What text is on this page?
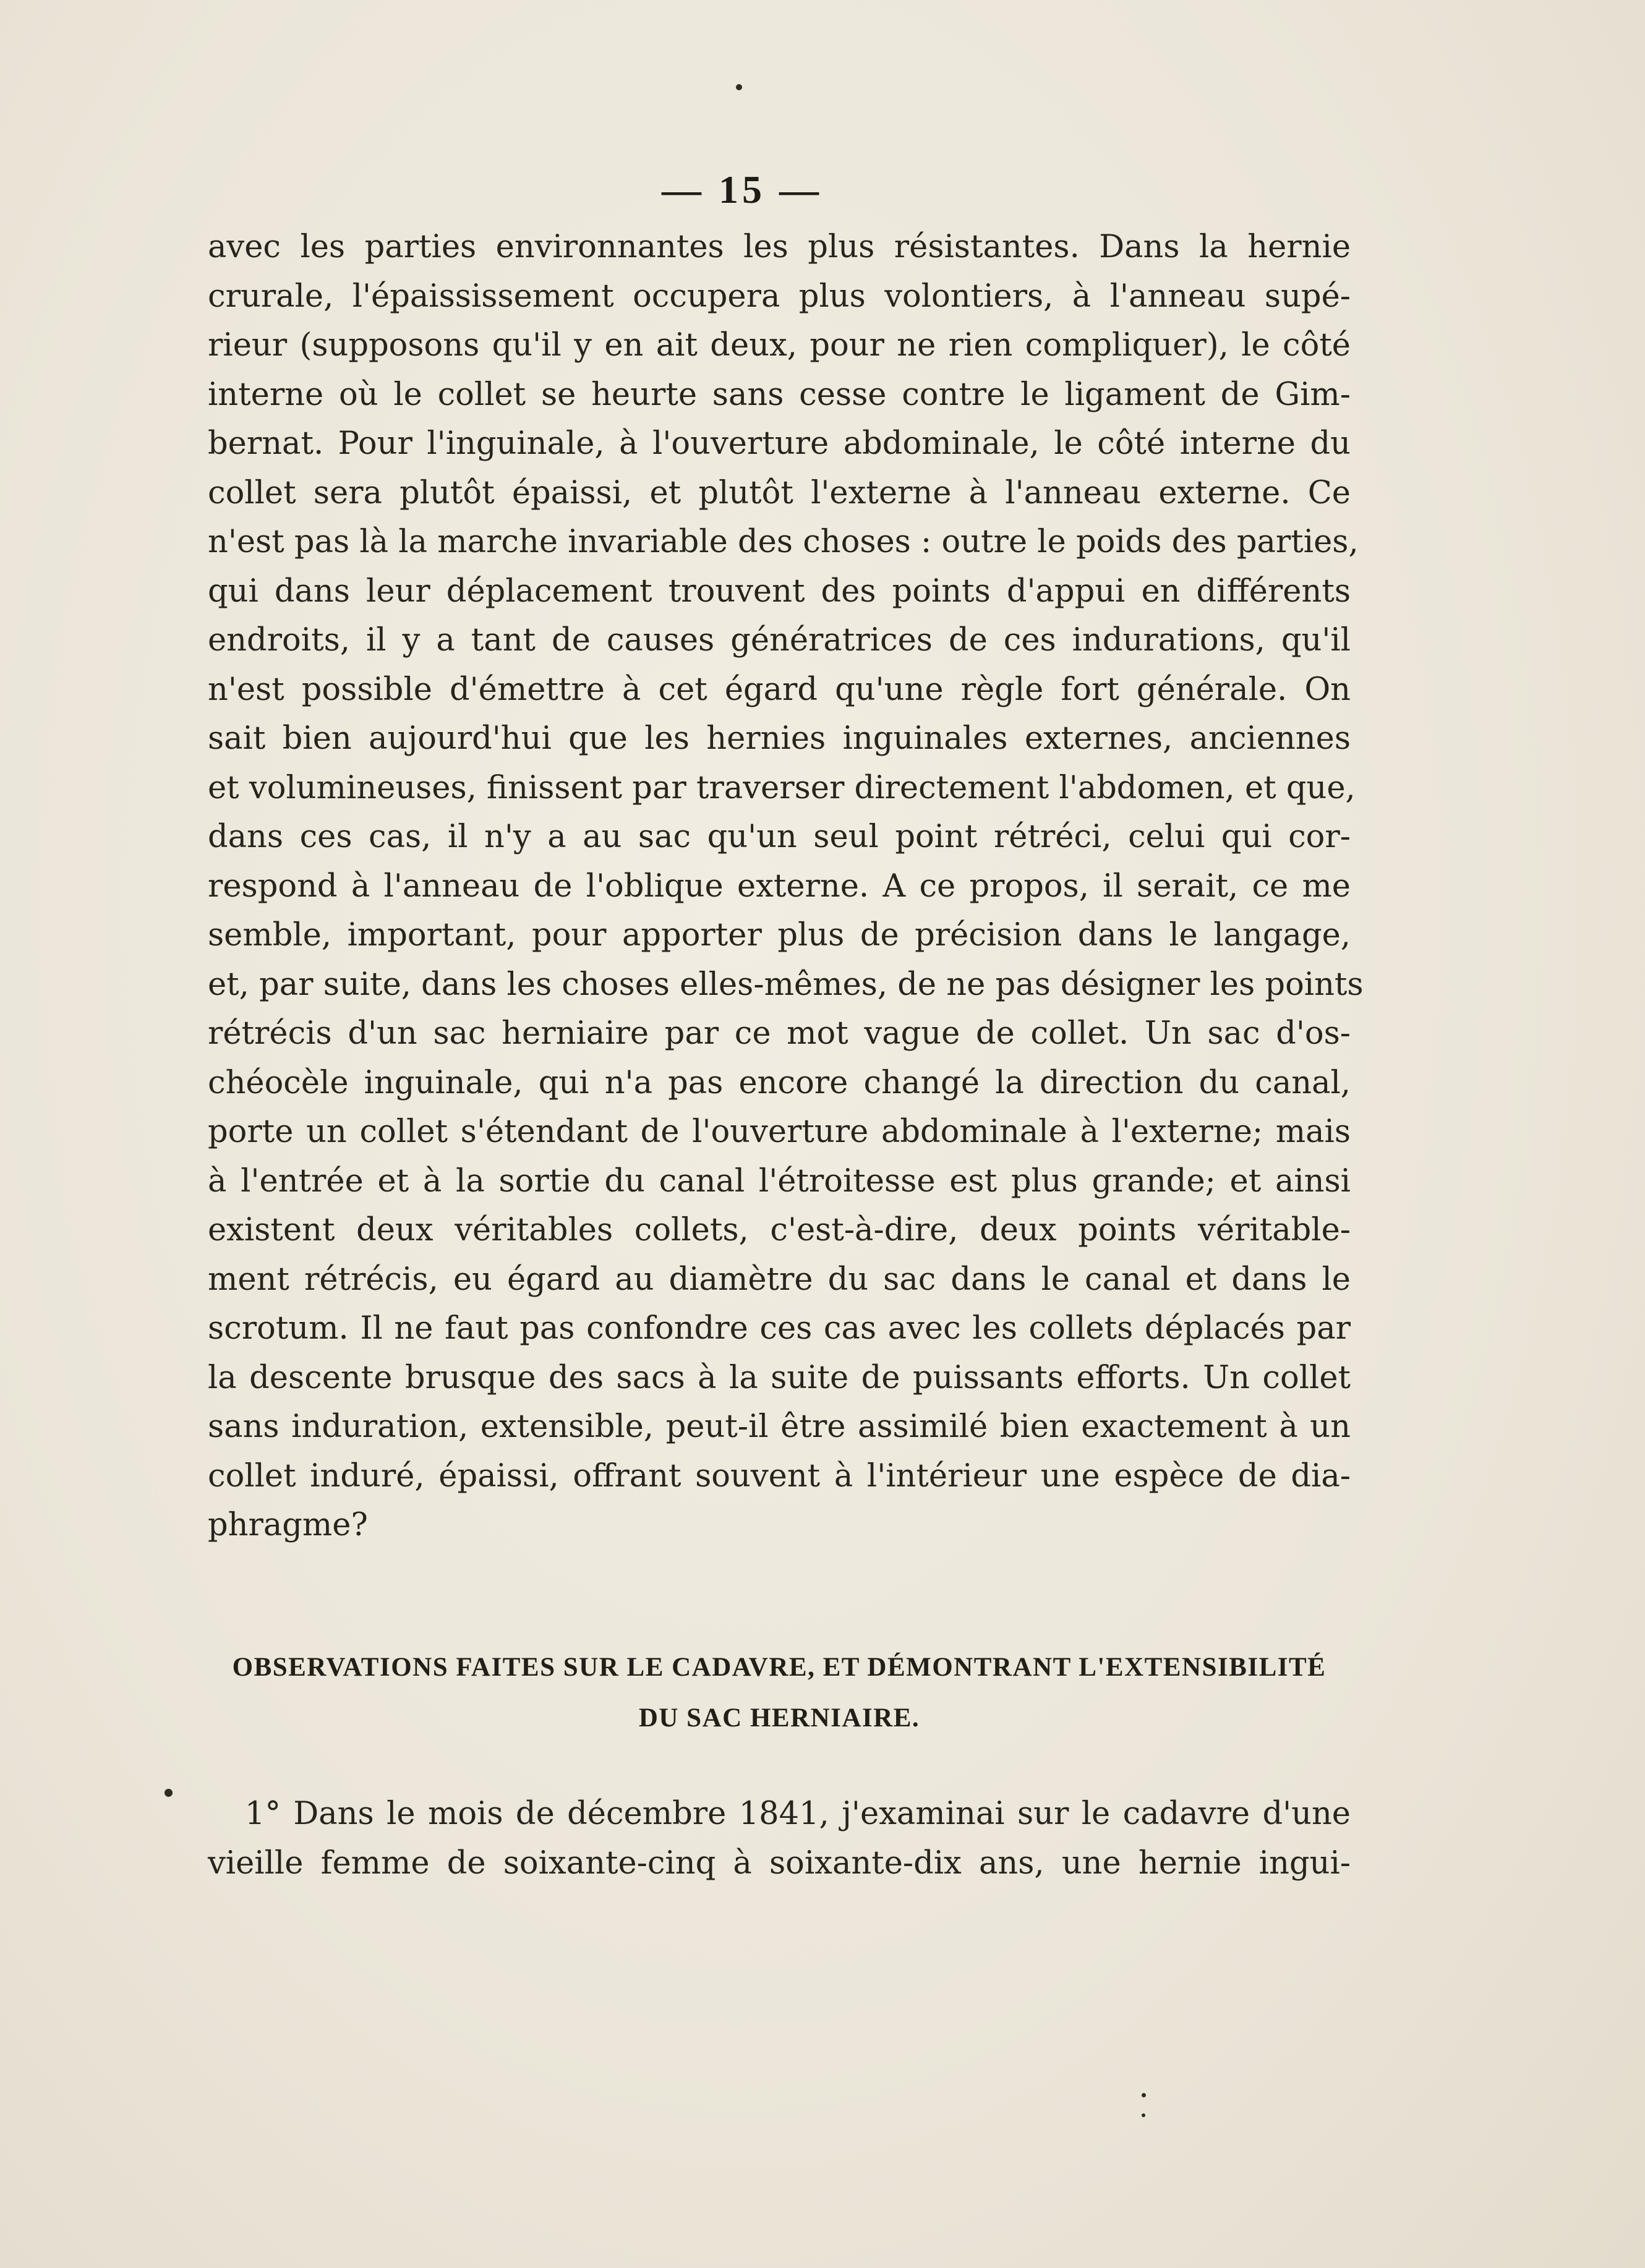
— 15 —
avec les parties environnantes les plus résistantes. Dans la hernie
crurale, l'épaississement occupera plus volontiers, à l'anneau supé-
rieur (supposons qu'il y en ait deux, pour ne rien compliquer), le côté
interne où le collet se heurte sans cesse contre le ligament de Gim-
bernat. Pour l'inguinale, à l'ouverture abdominale, le côté interne du
collet sera plutôt épaissi, et plutôt l'externe à l'anneau externe. Ce
n'est pas là la marche invariable des choses : outre le poids des parties,
qui dans leur déplacement trouvent des points d'appui en différents
endroits, il y a tant de causes génératrices de ces indurations, qu'il
n'est possible d'émettre à cet égard qu'une règle fort générale. On
sait bien aujourd'hui que les hernies inguinales externes, anciennes
et volumineuses, finissent par traverser directement l'abdomen, et que,
dans ces cas, il n'y a au sac qu'un seul point rétréci, celui qui cor-
respond à l'anneau de l'oblique externe. A ce propos, il serait, ce me
semble, important, pour apporter plus de précision dans le langage,
et, par suite, dans les choses elles-mêmes, de ne pas désigner les points
rétrécis d'un sac herniaire par ce mot vague de collet. Un sac d'os-
chéocèle inguinale, qui n'a pas encore changé la direction du canal,
porte un collet s'étendant de l'ouverture abdominale à l'externe; mais
à l'entrée et à la sortie du canal l'étroitesse est plus grande; et ainsi
existent deux véritables collets, c'est-à-dire, deux points véritable-
ment rétrécis, eu égard au diamètre du sac dans le canal et dans le
scrotum. Il ne faut pas confondre ces cas avec les collets déplacés par
la descente brusque des sacs à la suite de puissants efforts. Un collet
sans induration, extensible, peut-il être assimilé bien exactement à un
collet induré, épaissi, offrant souvent à l'intérieur une espèce de dia-
phragme?
OBSERVATIONS FAITES SUR LE CADAVRE, ET DÉMONTRANT L'EXTENSIBILITÉ
DU SAC HERNIAIRE.
1° Dans le mois de décembre 1841, j'examinai sur le cadavre d'une
vieille femme de soixante-cinq à soixante-dix ans, une hernie ingui-
